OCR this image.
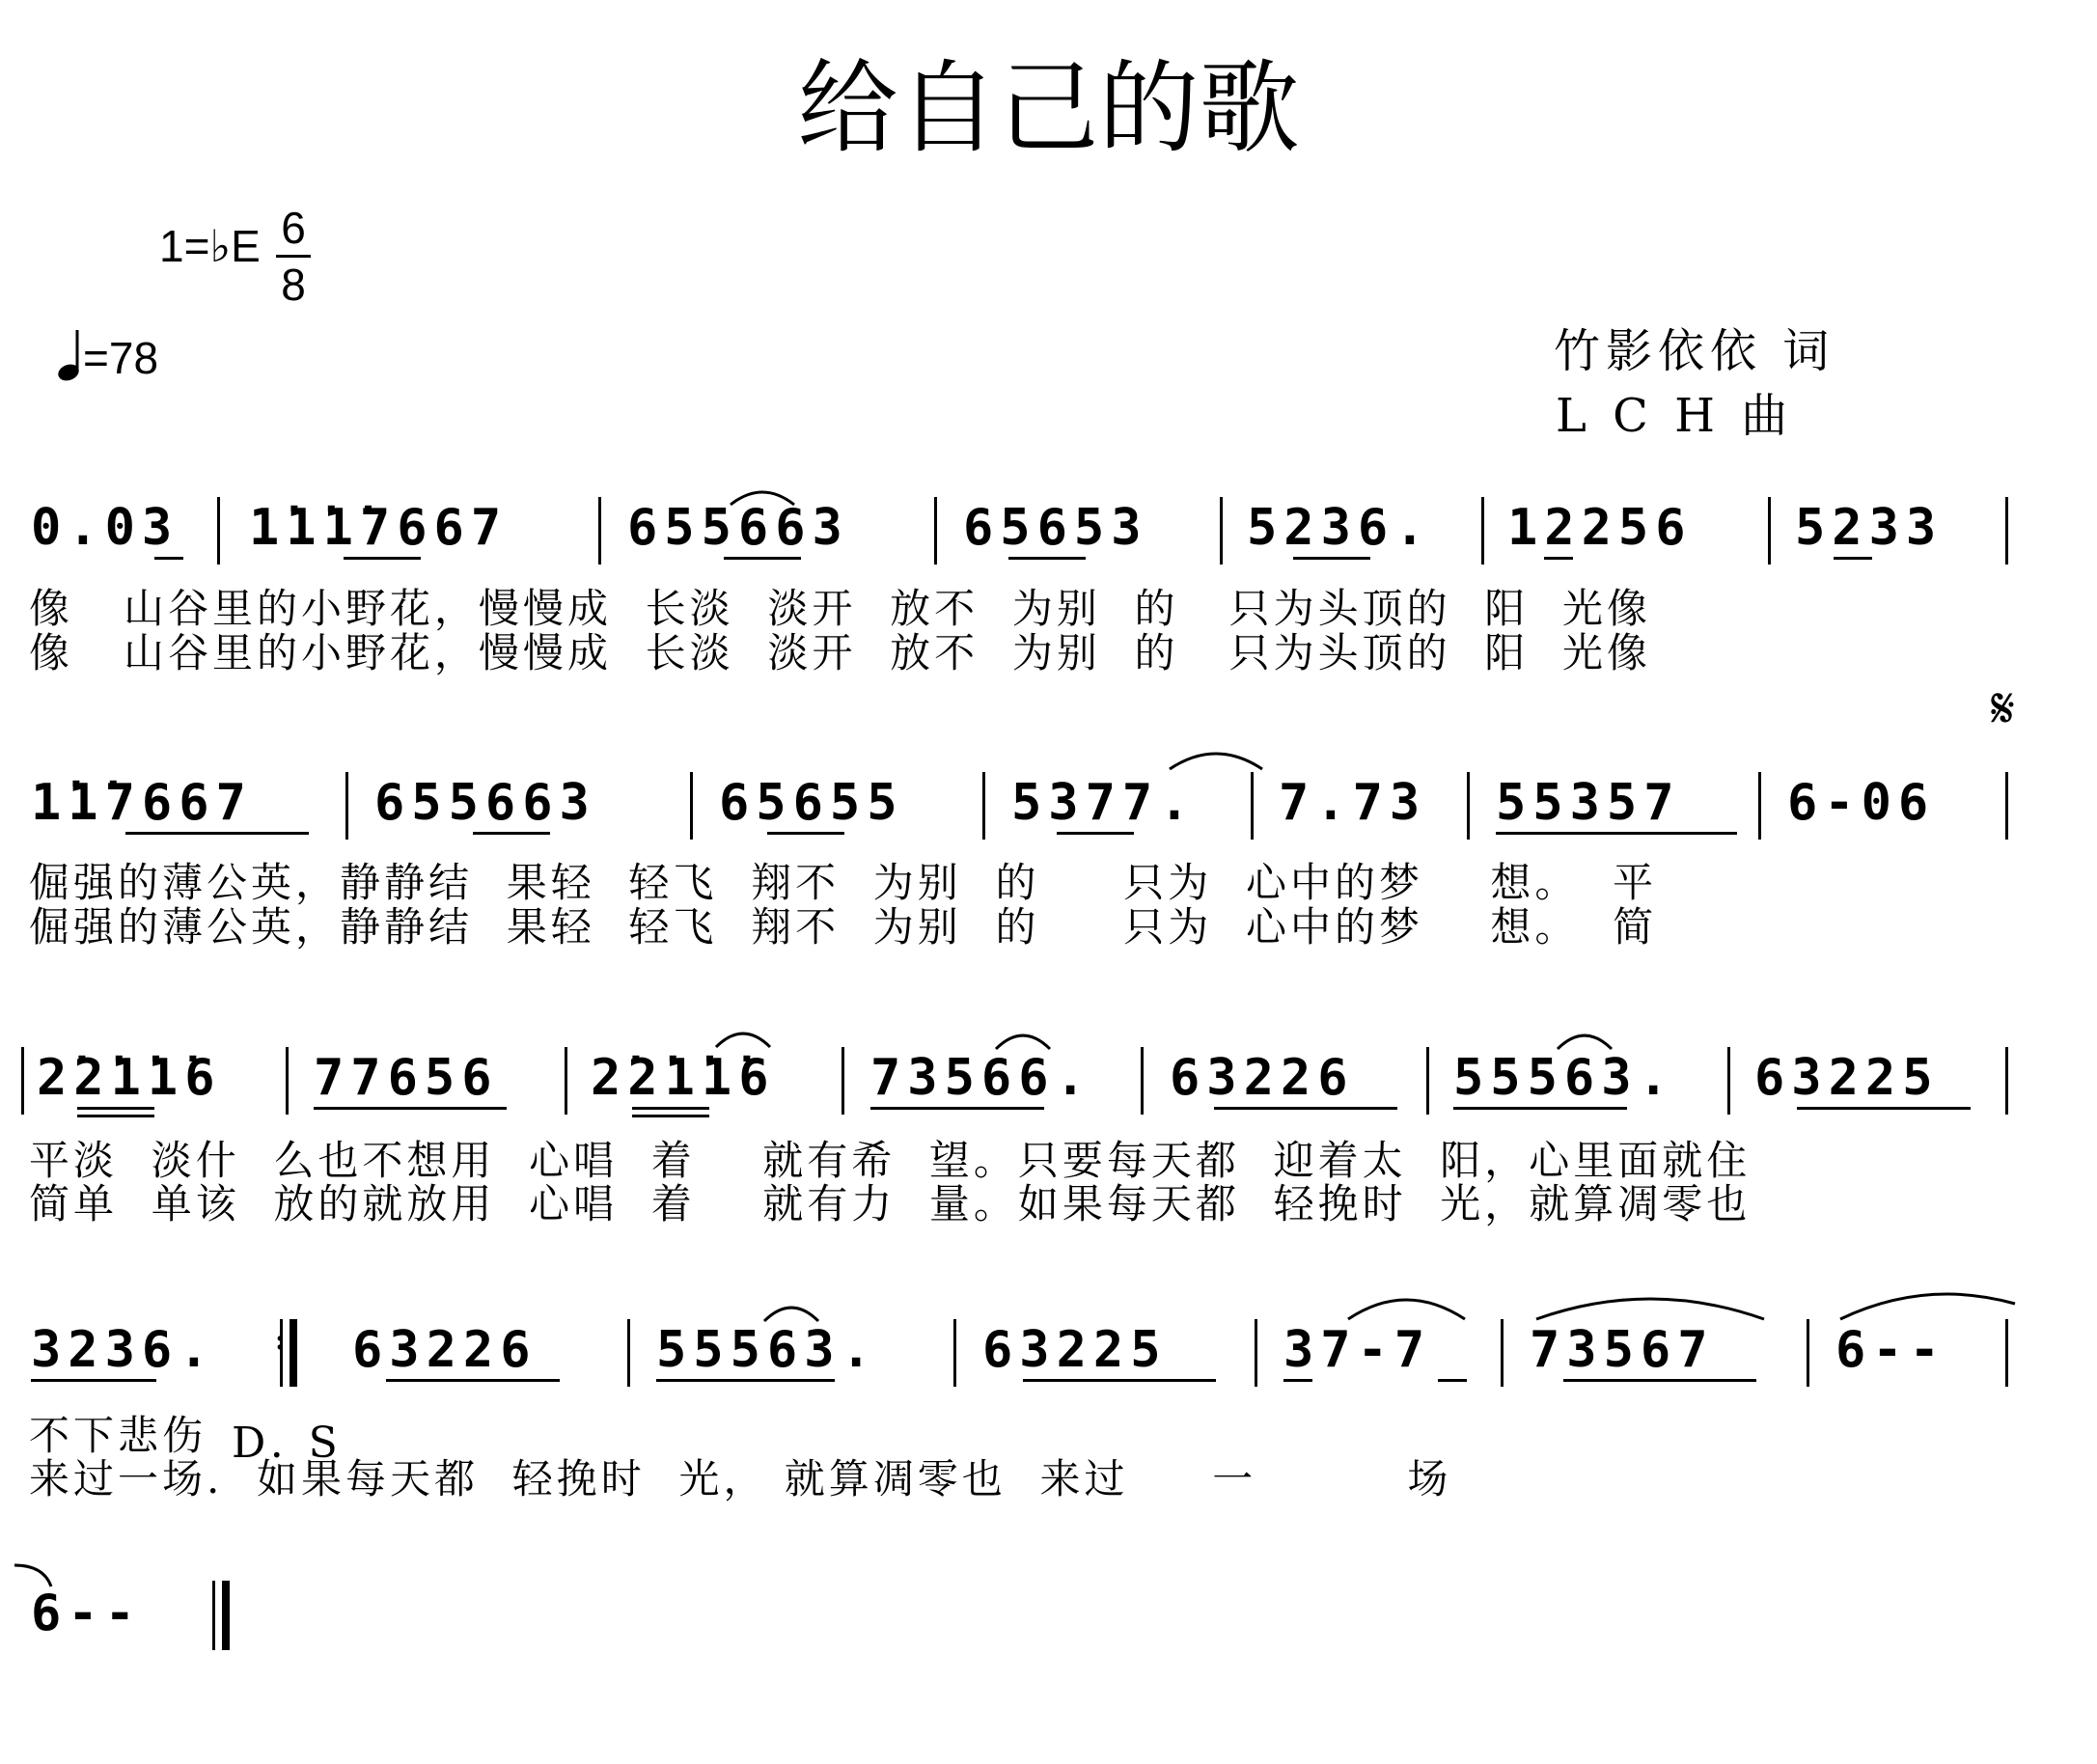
给自己的歌
1=♭E 6
8
=78	竹影依依 词
L C H 曲
0.03 1̇1̇1̇7667 655663 65653 5236. 12256 5233
像   山谷里的小野花，慢慢成  长淡  淡开  放不  为别  的   只为头顶的  阳  光像
像   山谷里的小野花，慢慢成  长淡  淡开  放不  为别  的   只为头顶的  阳  光像
𝄋
1̇1̇7667 655663 65655 5377. 7.73 55357 6-06
倔强的薄公英，静静结  果轻  轻飞  翔不  为别  的     只为  心中的梦    想。  平
倔强的薄公英，静静结  果轻  轻飞  翔不  为别  的     只为  心中的梦    想。  简
2̇2̇1̇1̇6 77656 2̇2̇1̇1̇6 73566. 63226 55563. 63225
平淡  淡什  么也不想用  心唱  着    就有希  望。只要每天都  迎着太  阳，心里面就住
简单  单该  放的就放用  心唱  着    就有力  量。如果每天都  轻挽时  光，就算凋零也
3236.	63226 55563. 63225 37-7 73567 6--
:
不下悲伤 D. S
来过一场.  如果每天都  轻挽时  光， 就算凋零也  来过     一         场
6--
